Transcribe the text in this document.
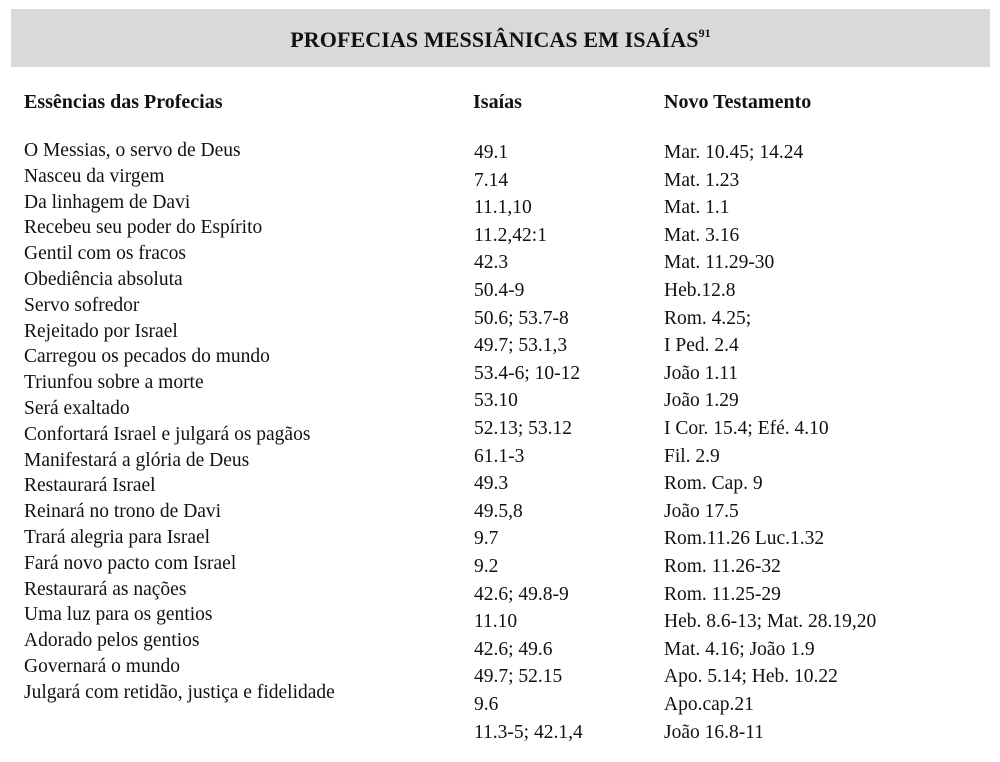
PROFECIAS MESSIÂNICAS EM ISAÍAS$^{91}$
Essências das Profecias	Isaías	Novo Testamento
O Messias, o servo de Deus
Nasceu da virgem
Da linhagem de Davi
Recebeu seu poder do Espírito
Gentil com os fracos
Obediência absoluta
Servo sofredor
Rejeitado por Israel
Carregou os pecados do mundo
Triunfou sobre a morte
Será exaltado
Confortará Israel e julgará os pagãos
Manifestará a glória de Deus
Restaurará Israel
Reinará no trono de Davi
Trará alegria para Israel
Fará novo pacto com Israel
Restaurará as nações
Uma luz para os gentios
Adorado pelos gentios
Governará o mundo
Julgará com retidão, justiça e fidelidade
49.1
7.14
11.1,10
11.2,42:1
42.3
50.4-9
50.6; 53.7-8
49.7; 53.1,3
53.4-6; 10-12
53.10
52.13; 53.12
61.1-3
49.3
49.5,8
9.7
9.2
42.6; 49.8-9
11.10
42.6; 49.6
49.7; 52.15
9.6
11.3-5; 42.1,4
Mar. 10.45; 14.24
Mat. 1.23
Mat. 1.1
Mat. 3.16
Mat. 11.29-30
Heb.12.8
Rom. 4.25;
I Ped. 2.4
João 1.11
João 1.29
I Cor. 15.4; Efé. 4.10
Fil. 2.9
Rom. Cap. 9
João 17.5
Rom.11.26 Luc.1.32
Rom. 11.26-32
Rom. 11.25-29
Heb. 8.6-13; Mat. 28.19,20
Mat. 4.16; João 1.9
Apo. 5.14; Heb. 10.22
Apo.cap.21
João 16.8-11
